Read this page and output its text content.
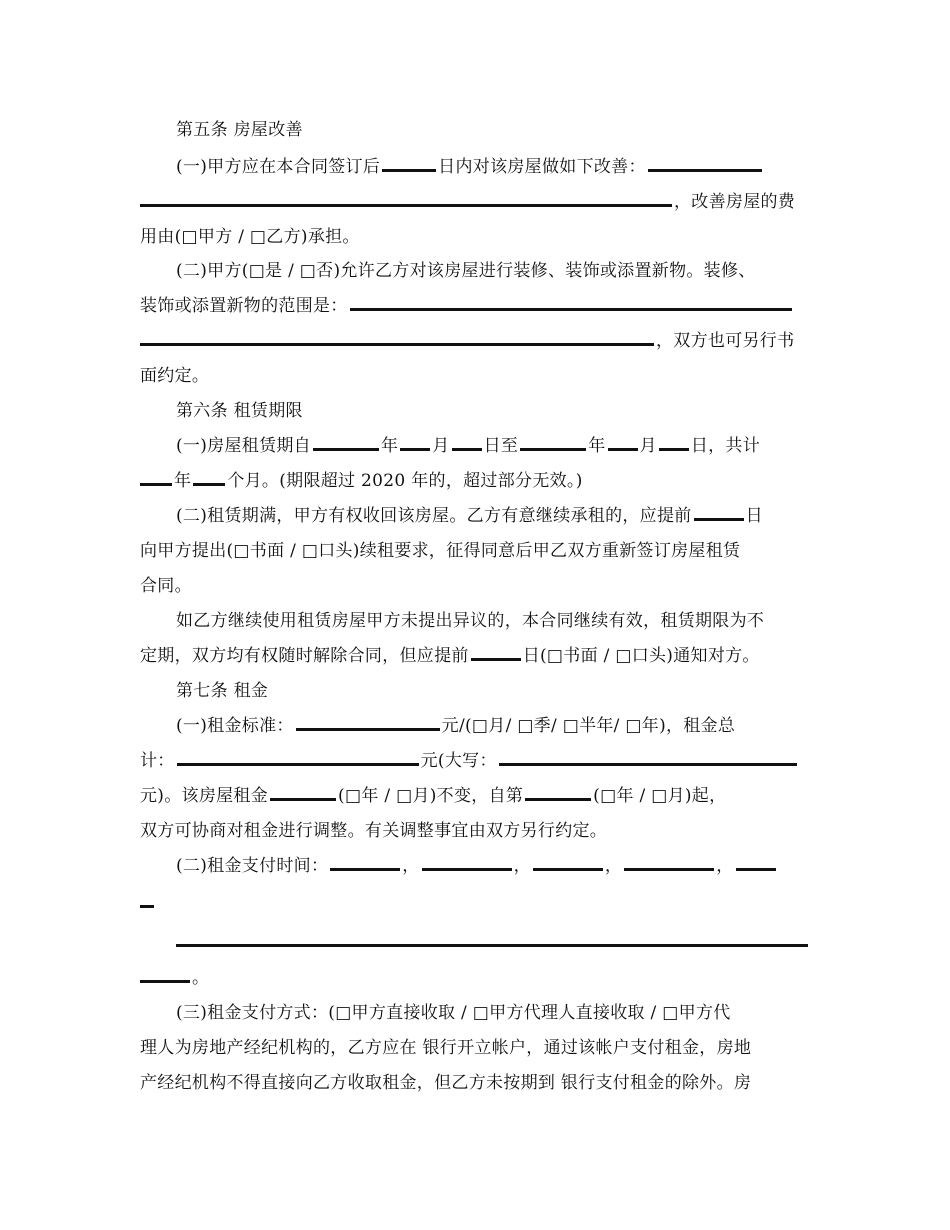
第五条 房屋改善
(一)甲方应在本合同签订后	日内对该房屋做如下改善：
，改善房屋的费
用由(□甲方 / □乙方)承担。
(二)甲方(□是 / □否)允许乙方对该房屋进行装修、装饰或添置新物。装修、
装饰或添置新物的范围是：
，双方也可另行书
面约定。
第六条 租赁期限
(一)房屋租赁期自	年 月 日至	年 月 日，共计
年 个月。(期限超过 2020 年的，超过部分无效。)
(二)租赁期满，甲方有权收回该房屋。乙方有意继续承租的，应提前	日
向甲方提出(□书面 / □口头)续租要求，征得同意后甲乙双方重新签订房屋租赁
合同。
如乙方继续使用租赁房屋甲方未提出异议的，本合同继续有效，租赁期限为不
定期，双方均有权随时解除合同，但应提前	日(□书面 / □口头)通知对方。
第七条 租金
(一)租金标准：	元/(□月/ □季/ □半年/ □年)，租金总
计：	元(大写：
元)。该房屋租金	(□年 / □月)不变，自第	(□年 / □月)起，
双方可协商对租金进行调整。有关调整事宜由双方另行约定。
(二)租金支付时间：	，	，	，	，
。
(三)租金支付方式：(□甲方直接收取 / □甲方代理人直接收取 / □甲方代
理人为房地产经纪机构的，乙方应在 银行开立帐户，通过该帐户支付租金，房地
产经纪机构不得直接向乙方收取租金，但乙方未按期到 银行支付租金的除外。房
